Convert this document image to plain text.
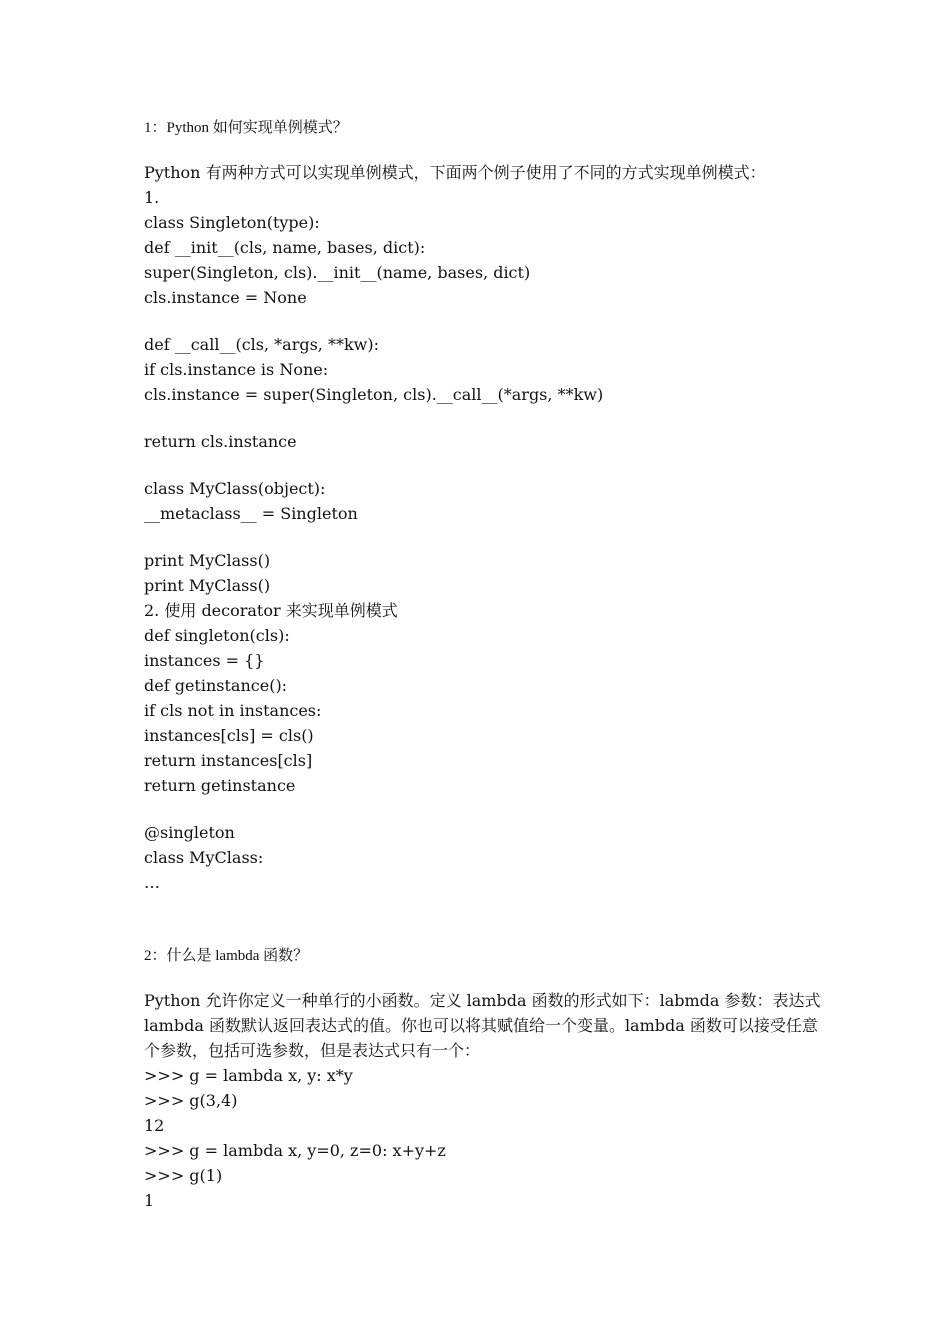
1：Python 如何实现单例模式？
Python 有两种方式可以实现单例模式，下面两个例子使用了不同的方式实现单例模式：
1.
class Singleton(type):
def __init__(cls, name, bases, dict):
super(Singleton, cls).__init__(name, bases, dict)
cls.instance = None
def __call__(cls, *args, **kw):
if cls.instance is None:
cls.instance = super(Singleton, cls).__call__(*args, **kw)
return cls.instance
class MyClass(object):
__metaclass__ = Singleton
print MyClass()
print MyClass()
2. 使用 decorator 来实现单例模式
def singleton(cls):
instances = {}
def getinstance():
if cls not in instances:
instances[cls] = cls()
return instances[cls]
return getinstance
@singleton
class MyClass:
…
2：什么是 lambda 函数？
Python 允许你定义一种单行的小函数。定义 lambda 函数的形式如下：labmda 参数：表达式 lambda 函数默认返回表达式的值。你也可以将其赋值给一个变量。lambda 函数可以接受任意个参数，包括可选参数，但是表达式只有一个：
>>> g = lambda x, y: x*y
>>> g(3,4)
12
>>> g = lambda x, y=0, z=0: x+y+z
>>> g(1)
1
